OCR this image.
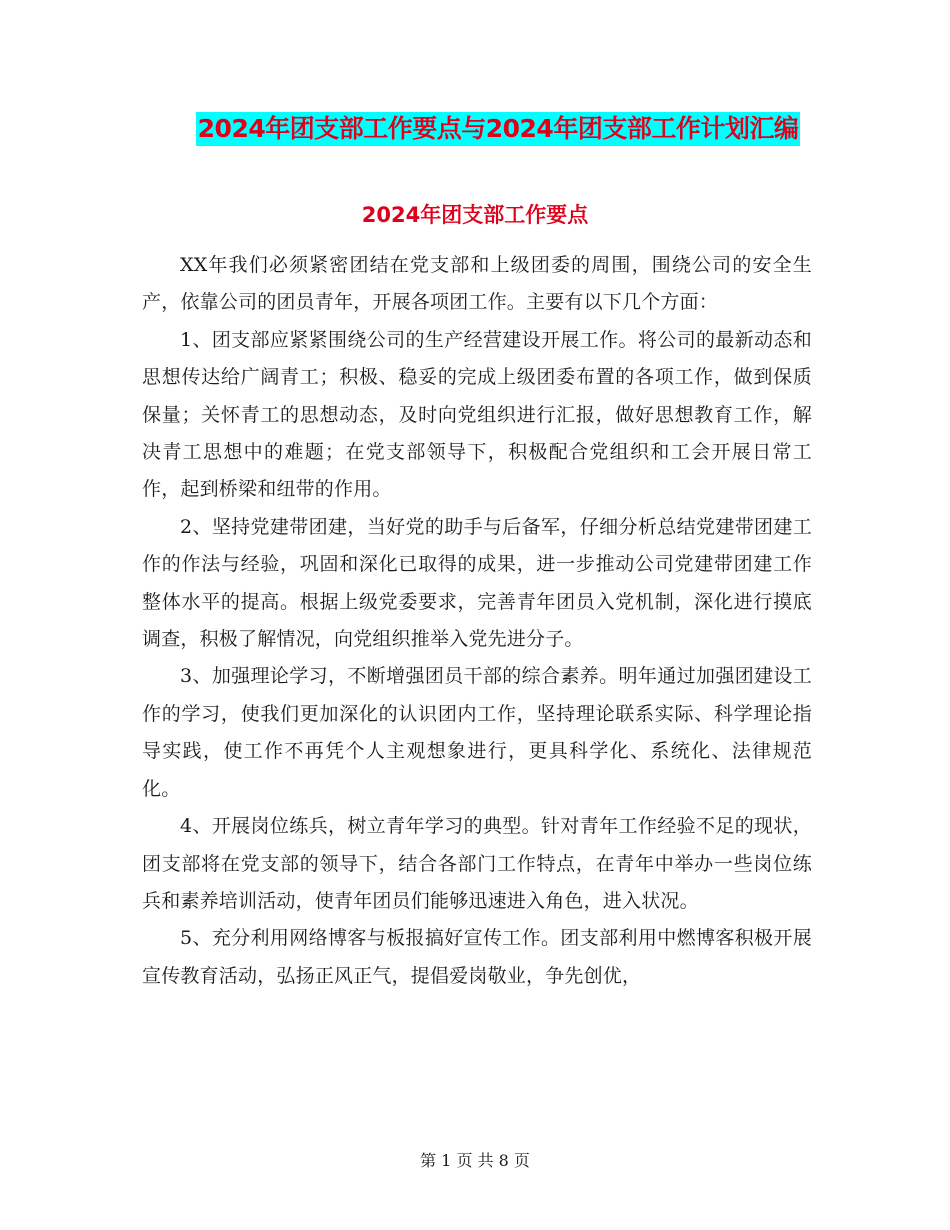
2024年团支部工作要点与2024年团支部工作计划汇编
2024年团支部工作要点

XX年我们必须紧密团结在党支部和上级团委的周围，围绕公司的安全生产，依靠公司的团员青年，开展各项团工作。主要有以下几个方面：

1、团支部应紧紧围绕公司的生产经营建设开展工作。将公司的最新动态和思想传达给广阔青工；积极、稳妥的完成上级团委布置的各项工作，做到保质保量；关怀青工的思想动态，及时向党组织进行汇报，做好思想教育工作，解决青工思想中的难题；在党支部领导下，积极配合党组织和工会开展日常工作，起到桥梁和纽带的作用。

2、坚持党建带团建，当好党的助手与后备军，仔细分析总结党建带团建工作的作法与经验，巩固和深化已取得的成果，进一步推动公司党建带团建工作整体水平的提高。根据上级党委要求，完善青年团员入党机制，深化进行摸底调查，积极了解情况，向党组织推举入党先进分子。

3、加强理论学习，不断增强团员干部的综合素养。明年通过加强团建设工作的学习，使我们更加深化的认识团内工作，坚持理论联系实际、科学理论指导实践，使工作不再凭个人主观想象进行，更具科学化、系统化、法律规范化。

4、开展岗位练兵，树立青年学习的典型。针对青年工作经验不足的现状，团支部将在党支部的领导下，结合各部门工作特点，在青年中举办一些岗位练兵和素养培训活动，使青年团员们能够迅速进入角色，进入状况。

5、充分利用网络博客与板报搞好宣传工作。团支部利用中燃博客积极开展宣传教育活动，弘扬正风正气，提倡爱岗敬业，争先创优，

第 1 页 共 8 页
